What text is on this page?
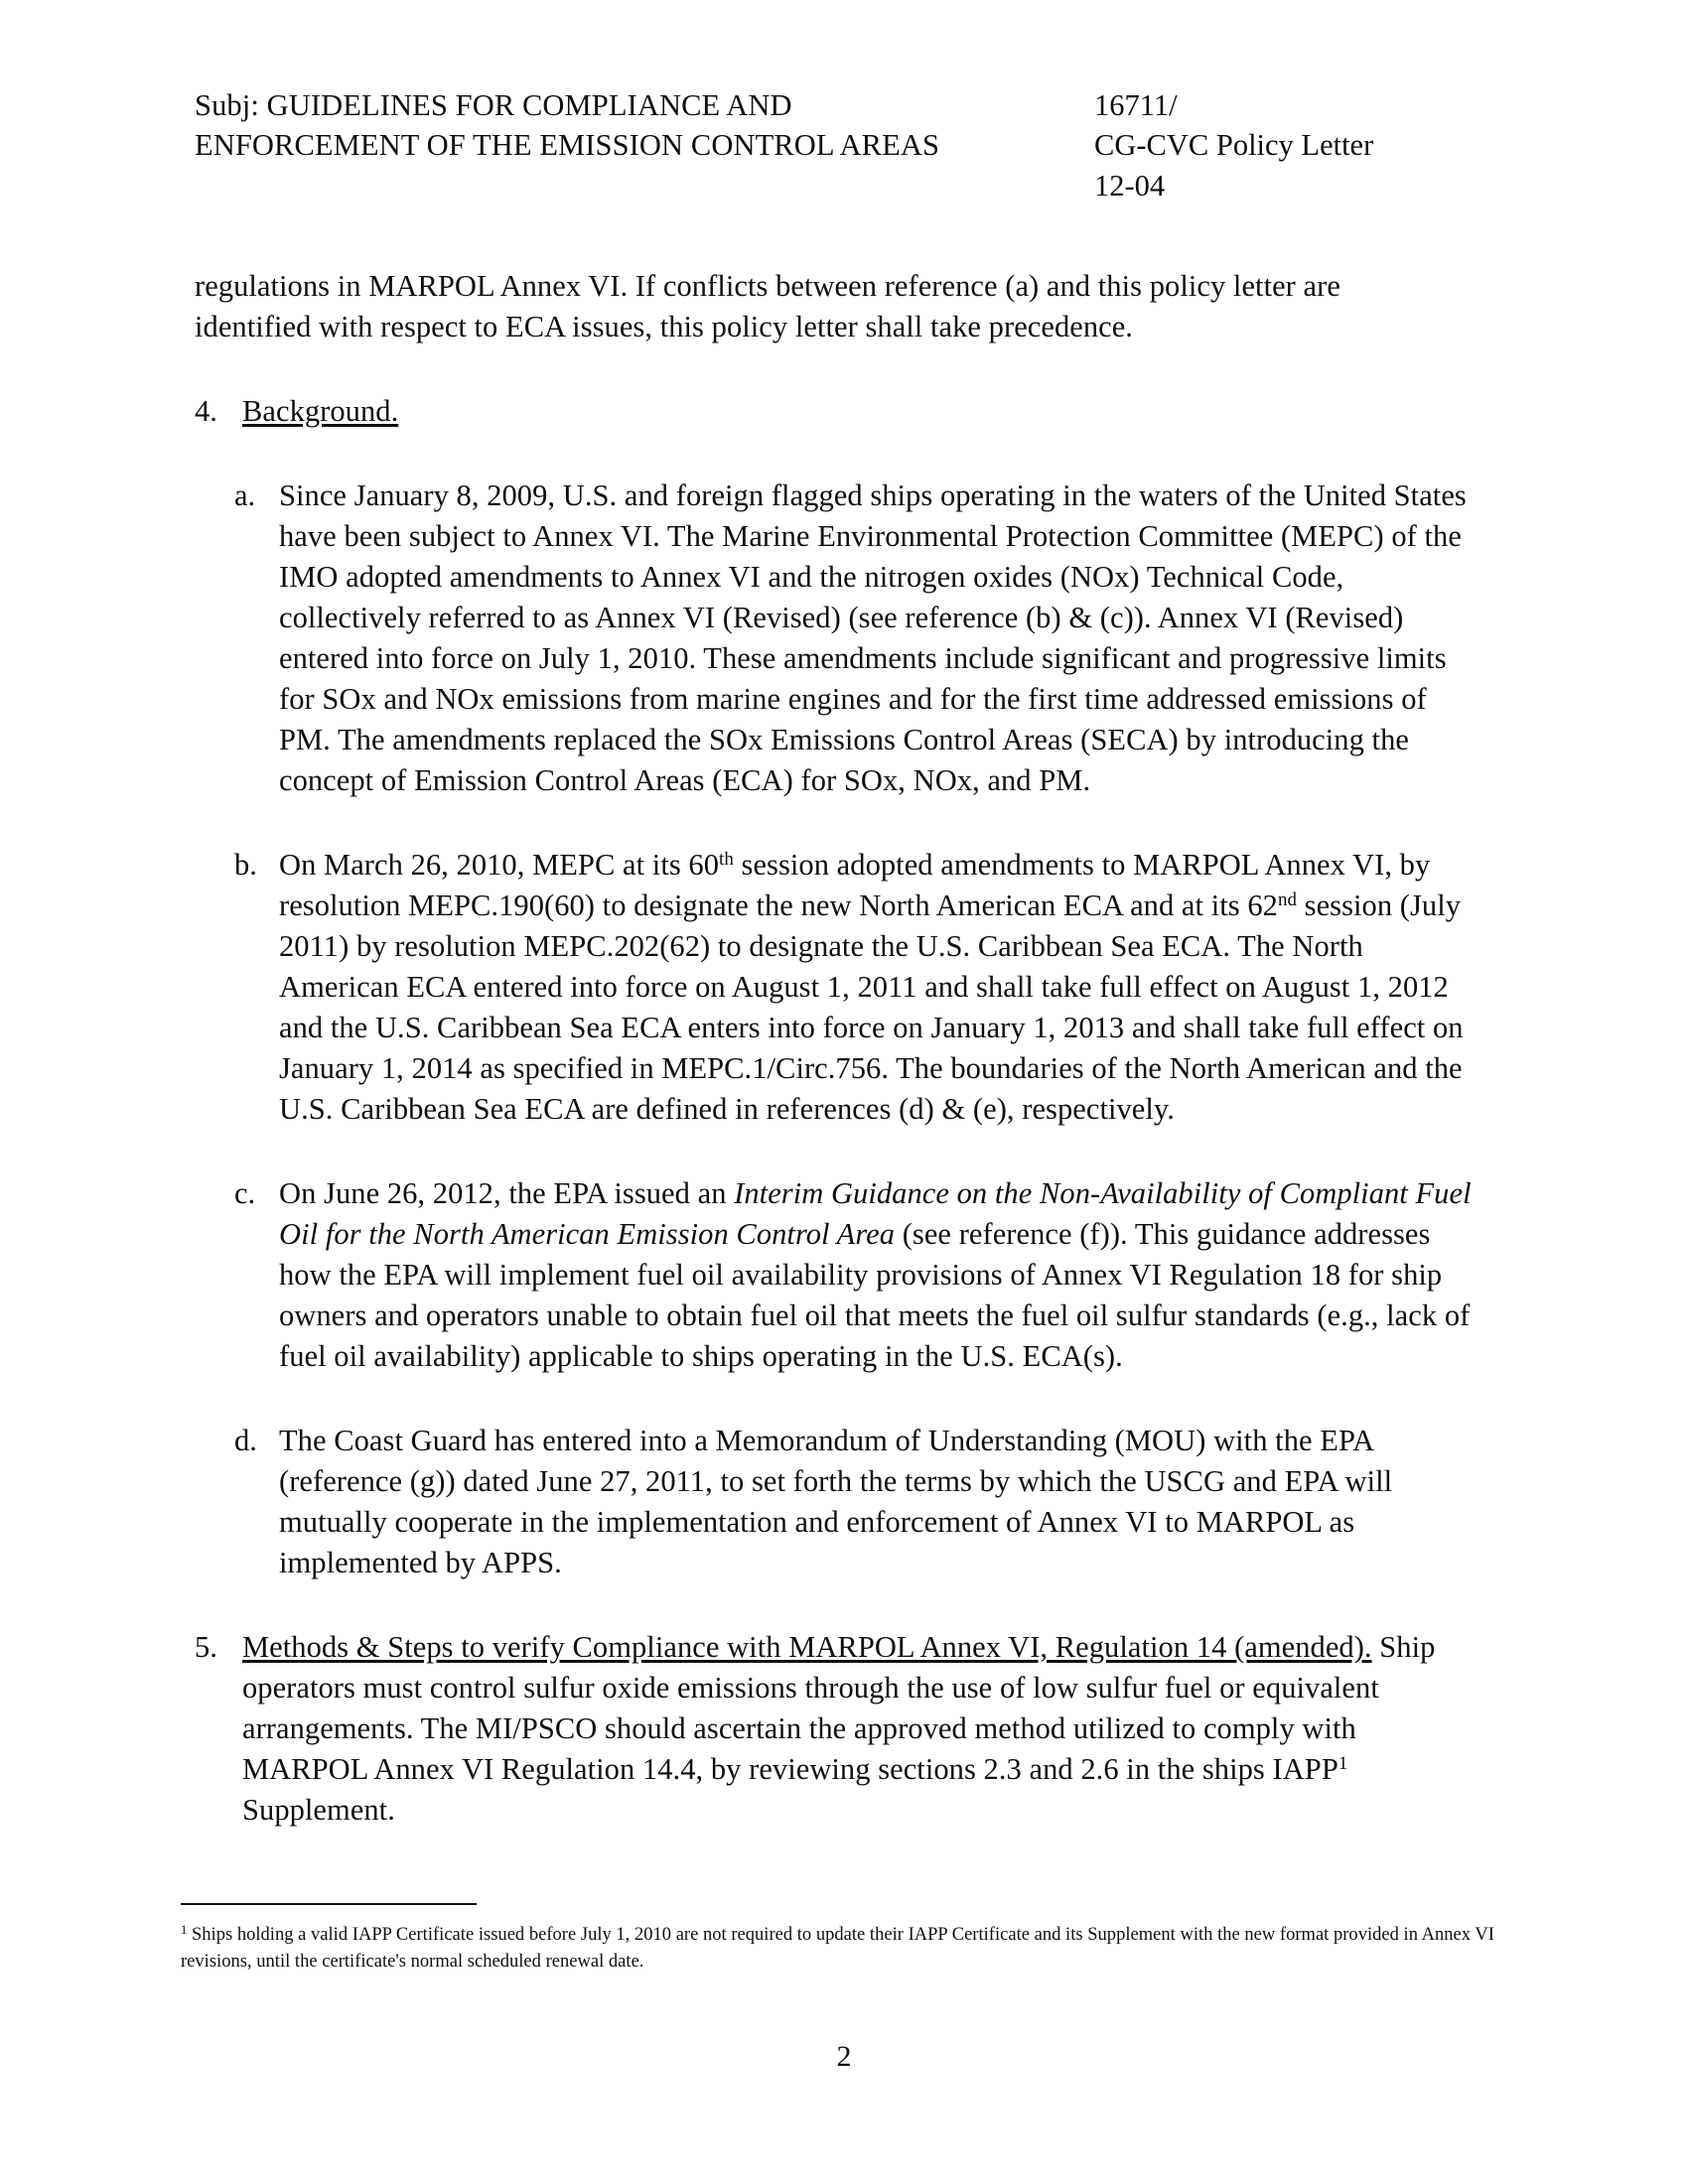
Subj: GUIDELINES FOR COMPLIANCE AND
ENFORCEMENT OF THE EMISSION CONTROL AREAS
16711/
CG-CVC Policy Letter
12-04

regulations in MARPOL Annex VI. If conflicts between reference (a) and this policy letter are identified with respect to ECA issues, this policy letter shall take precedence.

4. Background.

a. Since January 8, 2009, U.S. and foreign flagged ships operating in the waters of the United States have been subject to Annex VI. The Marine Environmental Protection Committee (MEPC) of the IMO adopted amendments to Annex VI and the nitrogen oxides (NOx) Technical Code, collectively referred to as Annex VI (Revised) (see reference (b) & (c)). Annex VI (Revised) entered into force on July 1, 2010. These amendments include significant and progressive limits for SOx and NOx emissions from marine engines and for the first time addressed emissions of PM. The amendments replaced the SOx Emissions Control Areas (SECA) by introducing the concept of Emission Control Areas (ECA) for SOx, NOx, and PM.

b. On March 26, 2010, MEPC at its 60th session adopted amendments to MARPOL Annex VI, by resolution MEPC.190(60) to designate the new North American ECA and at its 62nd session (July 2011) by resolution MEPC.202(62) to designate the U.S. Caribbean Sea ECA. The North American ECA entered into force on August 1, 2011 and shall take full effect on August 1, 2012 and the U.S. Caribbean Sea ECA enters into force on January 1, 2013 and shall take full effect on January 1, 2014 as specified in MEPC.1/Circ.756. The boundaries of the North American and the U.S. Caribbean Sea ECA are defined in references (d) & (e), respectively.

c. On June 26, 2012, the EPA issued an Interim Guidance on the Non-Availability of Compliant Fuel Oil for the North American Emission Control Area (see reference (f)). This guidance addresses how the EPA will implement fuel oil availability provisions of Annex VI Regulation 18 for ship owners and operators unable to obtain fuel oil that meets the fuel oil sulfur standards (e.g., lack of fuel oil availability) applicable to ships operating in the U.S. ECA(s).

d. The Coast Guard has entered into a Memorandum of Understanding (MOU) with the EPA (reference (g)) dated June 27, 2011, to set forth the terms by which the USCG and EPA will mutually cooperate in the implementation and enforcement of Annex VI to MARPOL as implemented by APPS.

5. Methods & Steps to verify Compliance with MARPOL Annex VI, Regulation 14 (amended). Ship operators must control sulfur oxide emissions through the use of low sulfur fuel or equivalent arrangements. The MI/PSCO should ascertain the approved method utilized to comply with MARPOL Annex VI Regulation 14.4, by reviewing sections 2.3 and 2.6 in the ships IAPP$^1$ Supplement.

$^1$ Ships holding a valid IAPP Certificate issued before July 1, 2010 are not required to update their IAPP Certificate and its Supplement with the new format provided in Annex VI revisions, until the certificate's normal scheduled renewal date.

2
